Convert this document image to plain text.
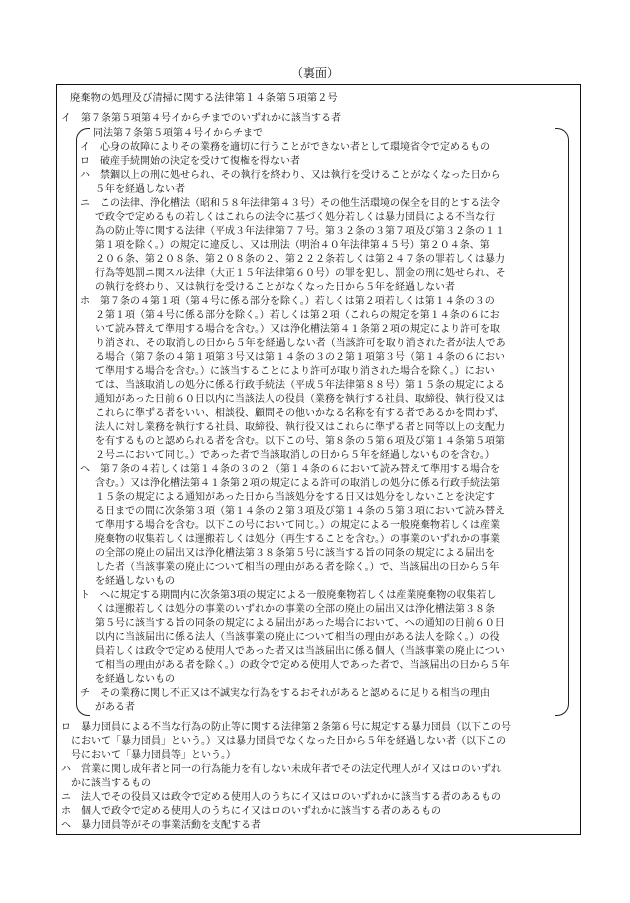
（裏面）
廃棄物の処理及び清掃に関する法律第１４条第５項第２号
イ　第７条第５項第４号イからチまでのいずれかに該当する者
同法第７条第５項第４号イからチまで
イ　心身の故障によりその業務を適切に行うことができない者として環境省令で定めるもの
ロ　破産手続開始の決定を受けて復権を得ない者
ハ　禁錮以上の刑に処せられ、その執行を終わり、又は執行を受けることがなくなった日から
５年を経過しない者
ニ　この法律、浄化槽法（昭和５８年法律第４３号）その他生活環境の保全を目的とする法令
で政令で定めるもの若しくはこれらの法令に基づく処分若しくは暴力団員による不当な行
為の防止等に関する法律（平成３年法律第７７号。第３２条の３第７項及び第３２条の１１
第１項を除く。）の規定に違反し、又は刑法（明治４０年法律第４５号）第２０４条、第
２０６条、第２０８条、第２０８条の２、第２２２条若しくは第２４７条の罪若しくは暴力
行為等処罰ニ関スル法律（大正１５年法律第６０号）の罪を犯し、罰金の刑に処せられ、そ
の執行を終わり、又は執行を受けることがなくなった日から５年を経過しない者
ホ　第７条の４第１項（第４号に係る部分を除く。）若しくは第２項若しくは第１４条の３の
２第１項（第４号に係る部分を除く。）若しくは第２項（これらの規定を第１４条の６にお
いて読み替えて準用する場合を含む。）又は浄化槽法第４１条第２項の規定により許可を取
り消され、その取消しの日から５年を経過しない者（当該許可を取り消された者が法人であ
る場合（第７条の４第１項第３号又は第１４条の３の２第１項第３号（第１４条の６におい
て準用する場合を含む。）に該当することにより許可が取り消された場合を除く。）におい
ては、当該取消しの処分に係る行政手続法（平成５年法律第８８号）第１５条の規定による
通知があった日前６０日以内に当該法人の役員（業務を執行する社員、取締役、執行役又は
これらに準ずる者をいい、相談役、顧問その他いかなる名称を有する者であるかを問わず、
法人に対し業務を執行する社員、取締役、執行役又はこれらに準ずる者と同等以上の支配力
を有するものと認められる者を含む。以下この号、第８条の５第６項及び第１４条第５項第
２号ニにおいて同じ。）であった者で当該取消しの日から５年を経過しないものを含む。）
ヘ　第７条の４若しくは第１４条の３の２（第１４条の６において読み替えて準用する場合を
含む。）又は浄化槽法第４１条第２項の規定による許可の取消しの処分に係る行政手続法第
１５条の規定による通知があった日から当該処分をする日又は処分をしないことを決定す
る日までの間に次条第３項（第１４条の２第３項及び第１４条の５第３項において読み替え
て準用する場合を含む。以下この号において同じ。）の規定による一般廃棄物若しくは産業
廃棄物の収集若しくは運搬若しくは処分（再生することを含む。）の事業のいずれかの事業
の全部の廃止の届出又は浄化槽法第３８条第５号に該当する旨の同条の規定による届出を
した者（当該事業の廃止について相当の理由がある者を除く。）で、当該届出の日から５年
を経過しないもの
ト　へに規定する期間内に次条第3項の規定による一般廃棄物若しくは産業廃棄物の収集若し
くは運搬若しくは処分の事業のいずれかの事業の全部の廃止の届出又は浄化槽法第３８条
第５号に該当する旨の同条の規定による届出があった場合において、への通知の日前６０日
以内に当該届出に係る法人（当該事業の廃止について相当の理由がある法人を除く。）の役
員若しくは政令で定める使用人であった者又は当該届出に係る個人（当該事業の廃止につい
て相当の理由がある者を除く。）の政令で定める使用人であった者で、当該届出の日から５年
を経過しないもの
チ　その業務に関し不正又は不誠実な行為をするおそれがあると認めるに足りる相当の理由
がある者
ロ　暴力団員による不当な行為の防止等に関する法律第２条第６号に規定する暴力団員（以下この号
において「暴力団員」という。）又は暴力団員でなくなった日から５年を経過しない者（以下この
号において「暴力団員等」という。）
ハ　営業に関し成年者と同一の行為能力を有しない未成年者でその法定代理人がイ又はロのいずれ
かに該当するもの
ニ　法人でその役員又は政令で定める使用人のうちにイ又はロのいずれかに該当する者のあるもの
ホ　個人で政令で定める使用人のうちにイ又はロのいずれかに該当する者のあるもの
ヘ　暴力団員等がその事業活動を支配する者
